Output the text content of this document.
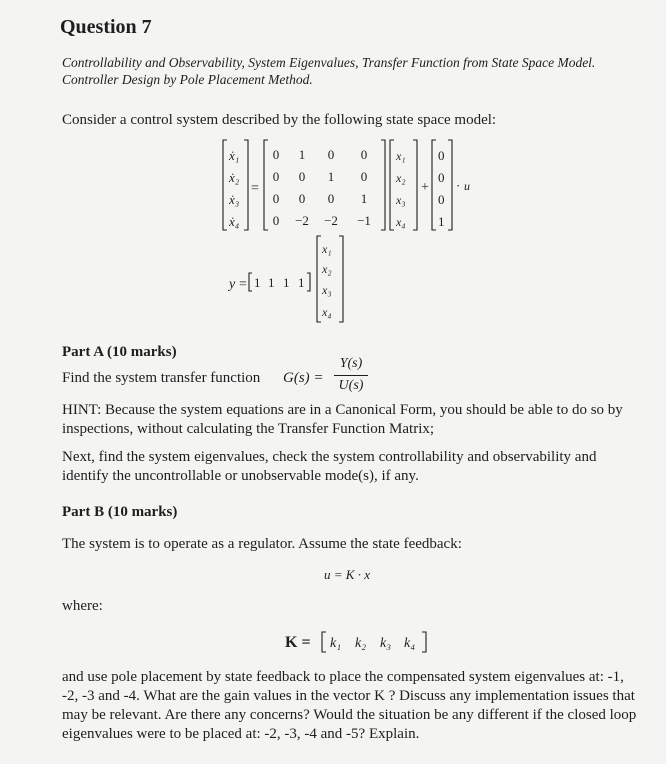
Question 7
Controllability and Observability, System Eigenvalues, Transfer Function from State Space Model. Controller Design by Pole Placement Method.
Consider a control system described by the following state space model:
ẋ₁
ẋ₂
ẋ₃
ẋ₄
=
0 1 0 0
0 0 1 0
0 0 0 1
0 −2 −2 −1
x₁
x₂
x₃
x₄
+
0
0
0
1
· u
y = 1 1 1 1
x₁
x₂
x₃
x₄
Part A (10 marks)
Find the system transfer function G(s) =
Y(s)
U(s)
HINT: Because the system equations are in a Canonical Form, you should be able to do so by inspections, without calculating the Transfer Function Matrix;
Next, find the system eigenvalues, check the system controllability and observability and identify the uncontrollable or unobservable mode(s), if any.
Part B (10 marks)
The system is to operate as a regulator. Assume the state feedback:
u = K · x
where:
K = k₁ k₂ k₃ k₄
and use pole placement by state feedback to place the compensated system eigenvalues at: -1, -2, -3 and -4. What are the gain values in the vector K ? Discuss any implementation issues that may be relevant. Are there any concerns? Would the situation be any different if the closed loop eigenvalues were to be placed at: -2, -3, -4 and -5? Explain.
